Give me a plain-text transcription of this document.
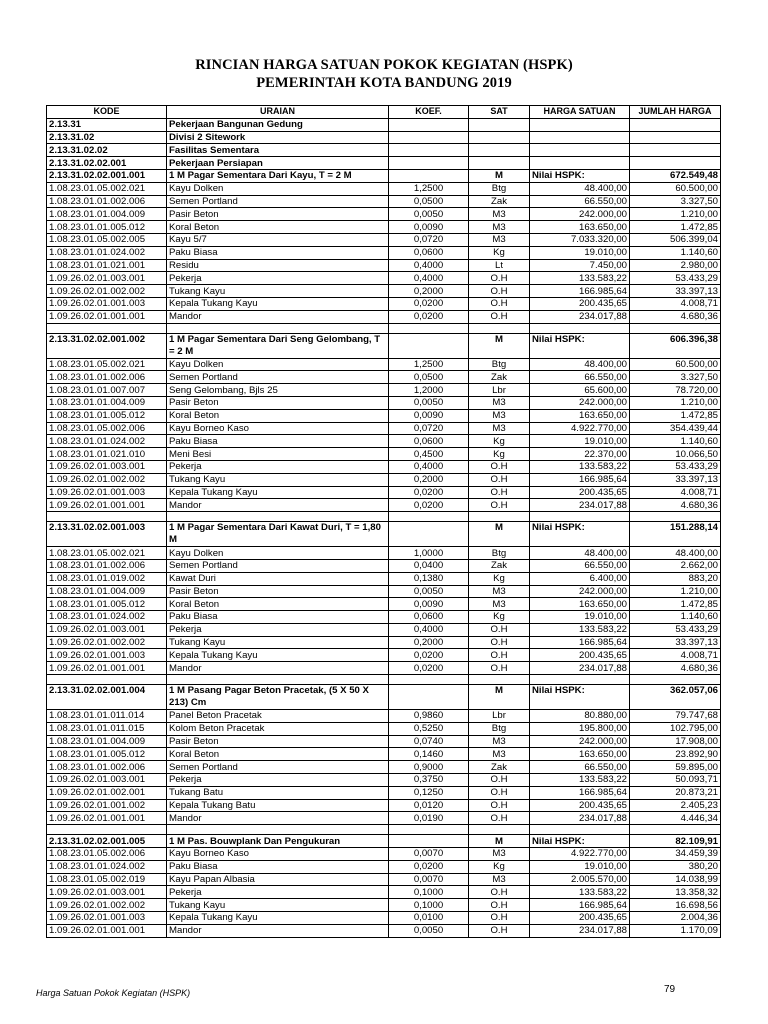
RINCIAN HARGA SATUAN POKOK KEGIATAN (HSPK)
PEMERINTAH KOTA BANDUNG 2019
KODE	URAIAN	KOEF.	SAT	HARGA SATUAN	JUMLAH HARGA
2.13.31	Pekerjaan Bangunan Gedung				
2.13.31.02	Divisi 2 Sitework				
2.13.31.02.02	Fasilitas Sementara				
2.13.31.02.02.001	Pekerjaan Persiapan				
2.13.31.02.02.001.001	1 M Pagar Sementara Dari Kayu, T = 2 M		M	Nilai HSPK:	672.549,48
1.08.23.01.05.002.021	Kayu Dolken	1,2500	Btg	48.400,00	60.500,00
1.08.23.01.01.002.006	Semen Portland	0,0500	Zak	66.550,00	3.327,50
1.08.23.01.01.004.009	Pasir Beton	0,0050	M3	242.000,00	1.210,00
1.08.23.01.01.005.012	Koral Beton	0,0090	M3	163.650,00	1.472,85
1.08.23.01.05.002.005	Kayu 5/7	0,0720	M3	7.033.320,00	506.399,04
1.08.23.01.01.024.002	Paku Biasa	0,0600	Kg	19.010,00	1.140,60
1.08.23.01.01.021.001	Residu	0,4000	Lt	7.450,00	2.980,00
1.09.26.02.01.003.001	Pekerja	0,4000	O.H	133.583,22	53.433,29
1.09.26.02.01.002.002	Tukang Kayu	0,2000	O.H	166.985,64	33.397,13
1.09.26.02.01.001.003	Kepala Tukang Kayu	0,0200	O.H	200.435,65	4.008,71
1.09.26.02.01.001.001	Mandor	0,0200	O.H	234.017,88	4.680,36

2.13.31.02.02.001.002	1 M Pagar Sementara Dari Seng Gelombang, T = 2 M		M	Nilai HSPK:	606.396,38
1.08.23.01.05.002.021	Kayu Dolken	1,2500	Btg	48.400,00	60.500,00
1.08.23.01.01.002.006	Semen Portland	0,0500	Zak	66.550,00	3.327,50
1.08.23.01.01.007.007	Seng Gelombang, Bjls 25	1,2000	Lbr	65.600,00	78.720,00
1.08.23.01.01.004.009	Pasir Beton	0,0050	M3	242.000,00	1.210,00
1.08.23.01.01.005.012	Koral Beton	0,0090	M3	163.650,00	1.472,85
1.08.23.01.05.002.006	Kayu Borneo Kaso	0,0720	M3	4.922.770,00	354.439,44
1.08.23.01.01.024.002	Paku Biasa	0,0600	Kg	19.010,00	1.140,60
1.08.23.01.01.021.010	Meni Besi	0,4500	Kg	22.370,00	10.066,50
1.09.26.02.01.003.001	Pekerja	0,4000	O.H	133.583,22	53.433,29
1.09.26.02.01.002.002	Tukang Kayu	0,2000	O.H	166.985,64	33.397,13
1.09.26.02.01.001.003	Kepala Tukang Kayu	0,0200	O.H	200.435,65	4.008,71
1.09.26.02.01.001.001	Mandor	0,0200	O.H	234.017,88	4.680,36

2.13.31.02.02.001.003	1 M Pagar Sementara Dari Kawat Duri, T = 1,80 M		M	Nilai HSPK:	151.288,14
1.08.23.01.05.002.021	Kayu Dolken	1,0000	Btg	48.400,00	48.400,00
1.08.23.01.01.002.006	Semen Portland	0,0400	Zak	66.550,00	2.662,00
1.08.23.01.01.019.002	Kawat Duri	0,1380	Kg	6.400,00	883,20
1.08.23.01.01.004.009	Pasir Beton	0,0050	M3	242.000,00	1.210,00
1.08.23.01.01.005.012	Koral Beton	0,0090	M3	163.650,00	1.472,85
1.08.23.01.01.024.002	Paku Biasa	0,0600	Kg	19.010,00	1.140,60
1.09.26.02.01.003.001	Pekerja	0,4000	O.H	133.583,22	53.433,29
1.09.26.02.01.002.002	Tukang Kayu	0,2000	O.H	166.985,64	33.397,13
1.09.26.02.01.001.003	Kepala Tukang Kayu	0,0200	O.H	200.435,65	4.008,71
1.09.26.02.01.001.001	Mandor	0,0200	O.H	234.017,88	4.680,36

2.13.31.02.02.001.004	1 M Pasang Pagar Beton Pracetak, (5 X 50 X 213) Cm		M	Nilai HSPK:	362.057,06
1.08.23.01.01.011.014	Panel Beton Pracetak	0,9860	Lbr	80.880,00	79.747,68
1.08.23.01.01.011.015	Kolom Beton Pracetak	0,5250	Btg	195.800,00	102.795,00
1.08.23.01.01.004.009	Pasir Beton	0,0740	M3	242.000,00	17.908,00
1.08.23.01.01.005.012	Koral Beton	0,1460	M3	163.650,00	23.892,90
1.08.23.01.01.002.006	Semen Portland	0,9000	Zak	66.550,00	59.895,00
1.09.26.02.01.003.001	Pekerja	0,3750	O.H	133.583,22	50.093,71
1.09.26.02.01.002.001	Tukang Batu	0,1250	O.H	166.985,64	20.873,21
1.09.26.02.01.001.002	Kepala Tukang Batu	0,0120	O.H	200.435,65	2.405,23
1.09.26.02.01.001.001	Mandor	0,0190	O.H	234.017,88	4.446,34

2.13.31.02.02.001.005	1 M Pas. Bouwplank Dan Pengukuran		M	Nilai HSPK:	82.109,91
1.08.23.01.05.002.006	Kayu Borneo Kaso	0,0070	M3	4.922.770,00	34.459,39
1.08.23.01.01.024.002	Paku Biasa	0,0200	Kg	19.010,00	380,20
1.08.23.01.05.002.019	Kayu Papan Albasia	0,0070	M3	2.005.570,00	14.038,99
1.09.26.02.01.003.001	Pekerja	0,1000	O.H	133.583,22	13.358,32
1.09.26.02.01.002.002	Tukang Kayu	0,1000	O.H	166.985,64	16.698,56
1.09.26.02.01.001.003	Kepala Tukang Kayu	0,0100	O.H	200.435,65	2.004,36
1.09.26.02.01.001.001	Mandor	0,0050	O.H	234.017,88	1.170,09
Harga Satuan Pokok Kegiatan (HSPK)	79
